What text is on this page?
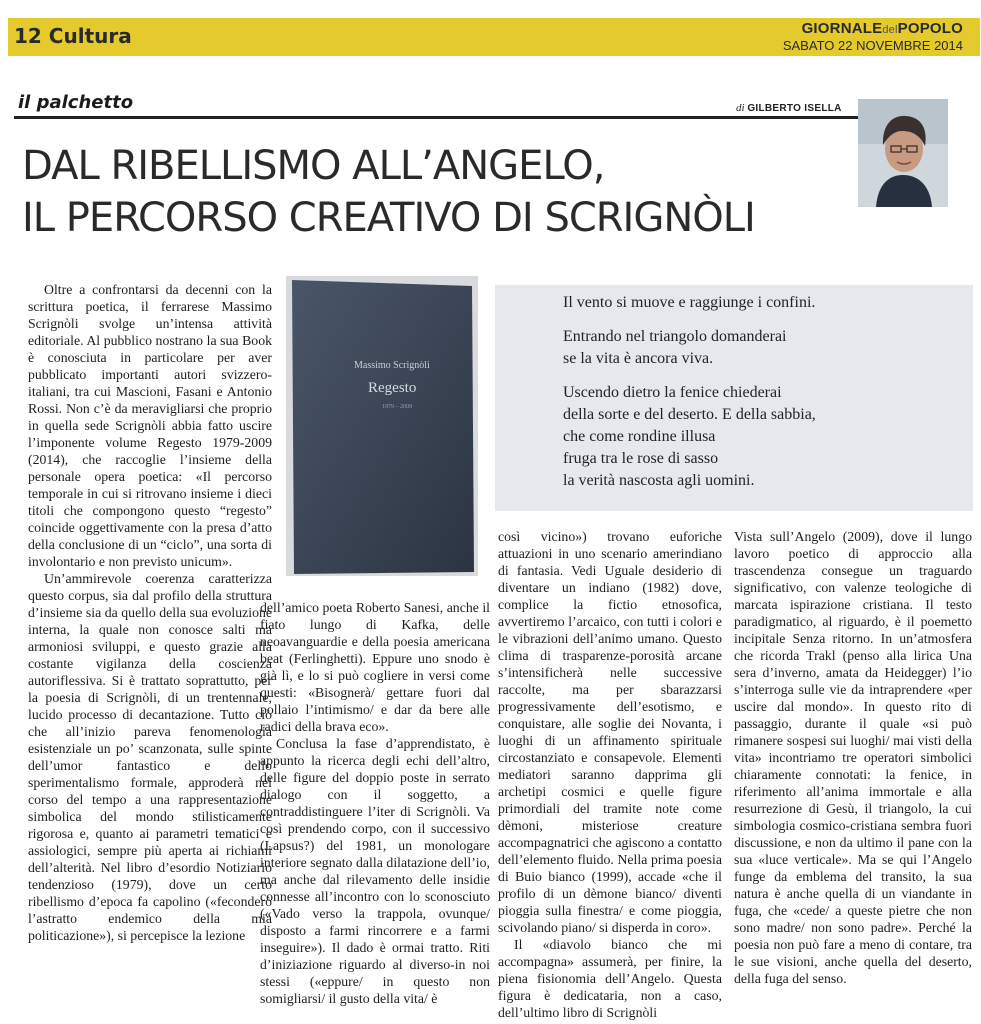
12 Cultura	GIORNALEdelPOPOLO
SABATO 22 NOVEMBRE 2014
il palchetto	di GILBERTO ISELLA
DAL RIBELLISMO ALL’ANGELO,
IL PERCORSO CREATIVO DI SCRIGNÒLI
Massimo Scrignòli
Regesto
1979 – 2009
Il vento si muove e raggiunge i confini.
Entrando nel triangolo domanderai
se la vita è ancora viva.
Uscendo dietro la fenice chiederai
della sorte e del deserto. E della sabbia,
che come rondine illusa
fruga tra le rose di sasso
la verità nascosta agli uomini.

Oltre a confrontarsi da decenni con la scrittura poetica, il ferrarese Massimo Scrignòli svolge un’intensa attività editoriale. Al pubblico nostrano la sua Book è conosciuta in particolare per aver pubblicato importanti autori svizzero-italiani, tra cui Mascioni, Fasani e Antonio Rossi. Non c’è da meravigliarsi che proprio in quella sede Scrignòli abbia fatto uscire l’imponente volume Regesto 1979-2009 (2014), che raccoglie l’insieme della personale opera poetica: «Il percorso temporale in cui si ritrovano insieme i dieci titoli che compongono questo “regesto” coincide oggettivamente con la presa d’atto della conclusione di un “ciclo”, una sorta di involontario e non previsto unicum».

Un’ammirevole coerenza caratterizza questo corpus, sia dal profilo della struttura d’insieme sia da quello della sua evoluzione interna, la quale non conosce salti ma armoniosi sviluppi, e questo grazie alla costante vigilanza della coscienza autoriflessiva. Si è trattato soprattutto, per la poesia di Scrignòli, di un trentennale, lucido processo di decantazione. Tutto ciò che all’inizio pareva fenomenologia esistenziale un po’ scanzonata, sulle spinte dell’umor fantastico e dello sperimentalismo formale, approderà nel corso del tempo a una rappresentazione simbolica del mondo stilisticamente rigorosa e, quanto ai parametri tematici e assiologici, sempre più aperta ai richiami dell’alterità. Nel libro d’esordio Notiziario tendenzioso (1979), dove un certo ribellismo d’epoca fa capolino («feconderò l’astratto endemico della mia politicazione»), si percepisce la lezione

dell’amico poeta Roberto Sanesi, anche il fiato lungo di Kafka, delle neoavanguardie e della poesia americana beat (Ferlinghetti). Eppure uno snodo è già lì, e lo si può cogliere in versi come questi: «Bisognerà/ gettare fuori dal pollaio l’intimismo/ e dar da bere alle radici della brava eco».

Conclusa la fase d’apprendistato, è appunto la ricerca degli echi dell’altro, delle figure del doppio poste in serrato dialogo con il soggetto, a contraddistinguere l’iter di Scrignòli. Va così prendendo corpo, con il successivo (Lapsus?) del 1981, un monologare interiore segnato dalla dilatazione dell’io, ma anche dal rilevamento delle insidie connesse all’incontro con lo sconosciuto («Vado verso la trappola, ovunque/ disposto a farmi rincorrere e a farmi inseguire»). Il dado è ormai tratto. Riti d’iniziazione riguardo al diverso-in noi stessi («eppure/ in questo non somigliarsi/ il gusto della vita/ è

così vicino») trovano euforiche attuazioni in uno scenario amerindiano di fantasia. Vedi Uguale desiderio di diventare un indiano (1982) dove, complice la fictio etnosofica, avvertiremo l’arcaico, con tutti i colori e le vibrazioni dell’animo umano. Questo clima di trasparenze-porosità arcane s’intensificherà nelle successive raccolte, ma per sbarazzarsi progressivamente dell’esotismo, e conquistare, alle soglie dei Novanta, i luoghi di un affinamento spirituale circostanziato e consapevole. Elementi mediatori saranno dapprima gli archetipi cosmici e quelle figure primordiali del tramite note come dèmoni, misteriose creature accompagnatrici che agiscono a contatto dell’elemento fluido. Nella prima poesia di Buio bianco (1999), accade «che il profilo di un dèmone bianco/ diventi pioggia sulla finestra/ e come pioggia, scivolando piano/ si disperda in coro».

Il «diavolo bianco che mi accompagna» assumerà, per finire, la piena fisionomia dell’Angelo. Questa figura è dedicataria, non a caso, dell’ultimo libro di Scrignòli

Vista sull’Angelo (2009), dove il lungo lavoro poetico di approccio alla trascendenza consegue un traguardo significativo, con valenze teologiche di marcata ispirazione cristiana. Il testo paradigmatico, al riguardo, è il poemetto incipitale Senza ritorno. In un’atmosfera che ricorda Trakl (penso alla lirica Una sera d’inverno, amata da Heidegger) l’io s’interroga sulle vie da intraprendere «per uscire dal mondo». In questo rito di passaggio, durante il quale «si può rimanere sospesi sui luoghi/ mai visti della vita» incontriamo tre operatori simbolici chiaramente connotati: la fenice, in riferimento all’anima immortale e alla resurrezione di Gesù, il triangolo, la cui simbologia cosmico-cristiana sembra fuori discussione, e non da ultimo il pane con la sua «luce verticale». Ma se qui l’Angelo funge da emblema del transito, la sua natura è anche quella di un viandante in fuga, che «cede/ a queste pietre che non sono madre/ non sono padre». Perché la poesia non può fare a meno di contare, tra le sue visioni, anche quella del deserto, della fuga del senso.
